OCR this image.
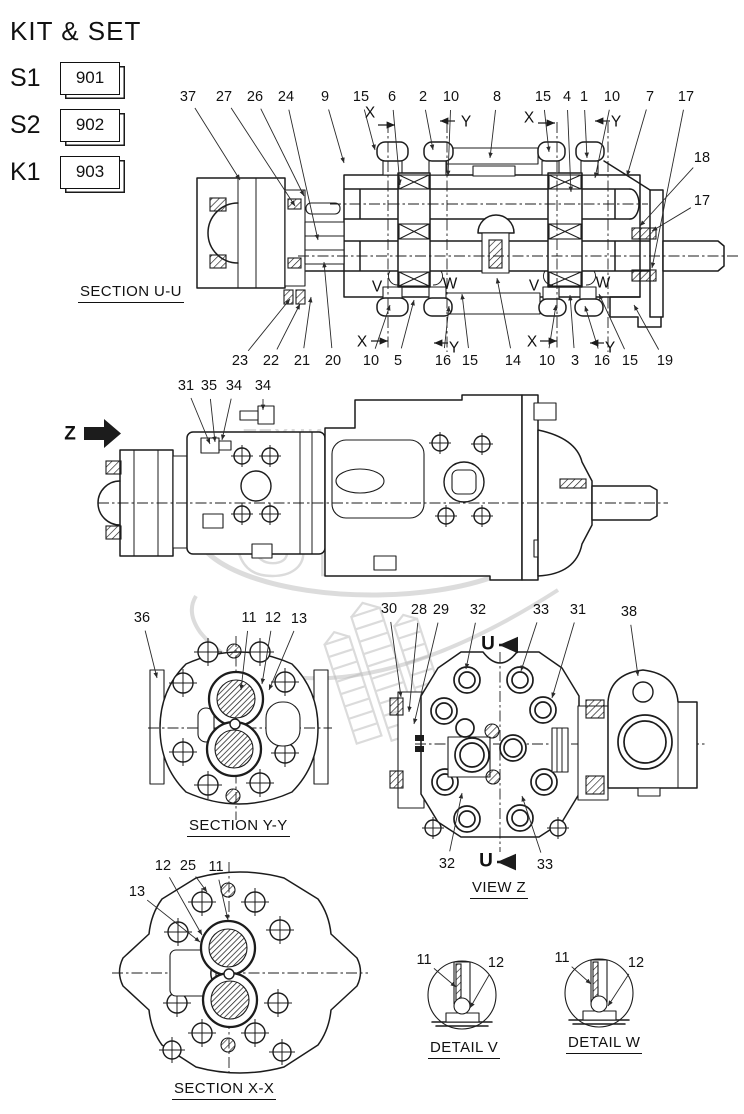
37 27 26 24 9 15 6 2 10 8 15 4 1 10 7 17
18
17
23 22 21 20 10 5 16 15 14 10 3 16 15 19
31 35 34 34
36	11 12 13
30 28 29 32	33 31 38
32	33
12 25 11
13
11	12	11	12
X
Y	X	Y
X	Y	X	Y
V	W	V	W
U
U
Z
KIT & SET
S1	901
S2	902
K1	903
SECTION U-U
SECTION Y-Y
VIEW Z
SECTION X-X
DETAIL V	DETAIL W
